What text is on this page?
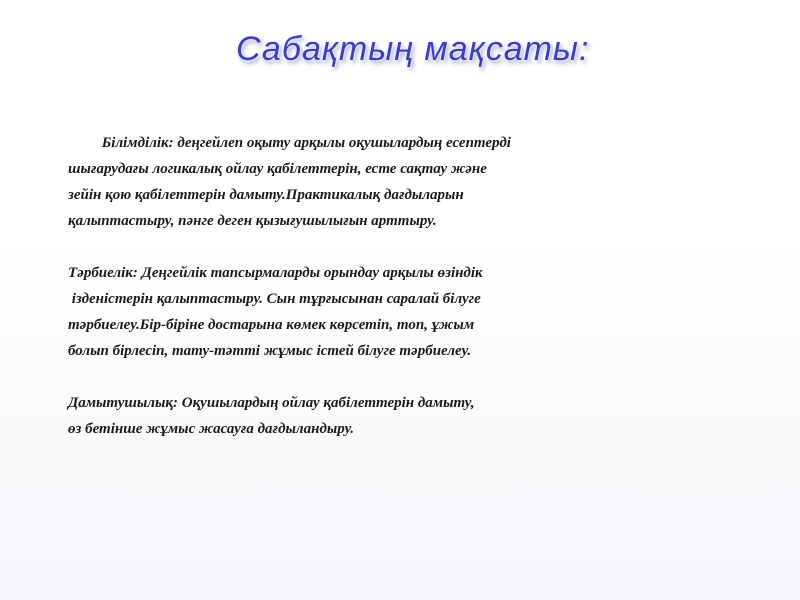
Сабақтың мақсаты:

Білімділік: деңгейлеп оқыту арқылы оқушылардың есептерді
шығарудағы логикалық ойлау қабілеттерін, есте сақтау және
зейін қою қабілеттерін дамыту.Практикалық дағдыларын
қалыптастыру, пәнге деген қызығушылығын арттыру.

Тәрбиелік: Деңгейлік тапсырмаларды орындау арқылы өзіндік
ізденістерін қалыптастыру. Сын тұрғысынан саралай білуге
тәрбиелеу.Бір-біріне достарына көмек көрсетіп, топ, ұжым
болып бірлесіп, тату-тәтті жұмыс істей білуге тәрбиелеу.

Дамытушылық: Оқушылардың ойлау қабілеттерін дамыту,
өз бетінше жұмыс жасауға дағдыландыру.
